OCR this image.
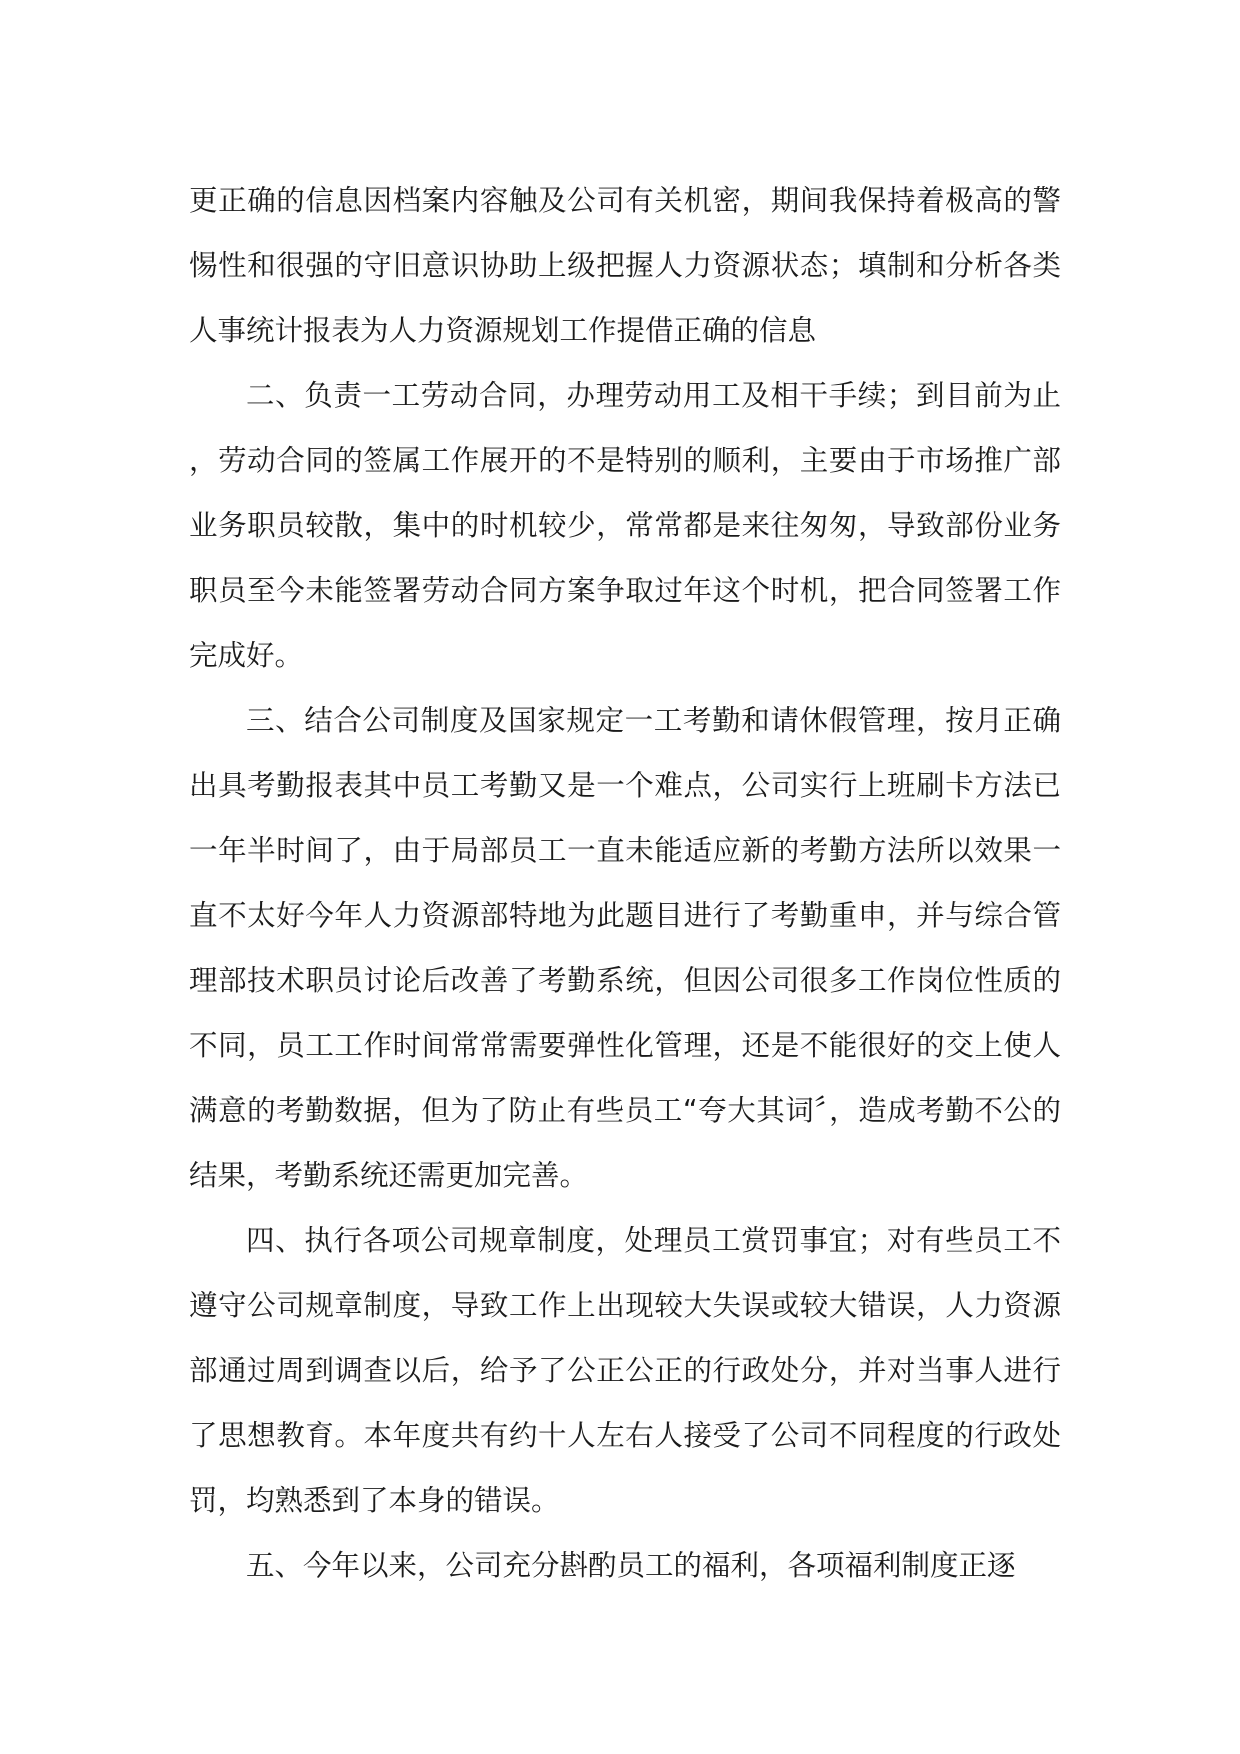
更正确的信息因档案内容触及公司有关机密，期间我保持着极高的警惕性和很强的守旧意识协助上级把握人力资源状态；填制和分析各类人事统计报表为人力资源规划工作提借正确的信息

二、负责一工劳动合同，办理劳动用工及相干手续；到目前为止，劳动合同的签属工作展开的不是特别的顺利，主要由于市场推广部业务职员较散，集中的时机较少，常常都是来往匆匆，导致部份业务职员至今未能签署劳动合同方案争取过年这个时机，把合同签署工作完成好。

三、结合公司制度及国家规定一工考勤和请休假管理，按月正确出具考勤报表其中员工考勤又是一个难点，公司实行上班刷卡方法已一年半时间了，由于局部员工一直未能适应新的考勤方法所以效果一直不太好今年人力资源部特地为此题目进行了考勤重申，并与综合管理部技术职员讨论后改善了考勤系统，但因公司很多工作岗位性质的不同，员工工作时间常常需要弹性化管理，还是不能很好的交上使人满意的考勤数据，但为了防止有些员工“夸大其词〞，造成考勤不公的结果，考勤系统还需更加完善。

四、执行各项公司规章制度，处理员工赏罚事宜；对有些员工不遵守公司规章制度，导致工作上出现较大失误或较大错误，人力资源部通过周到调查以后，给予了公正公正的行政处分，并对当事人进行了思想教育。本年度共有约十人左右人接受了公司不同程度的行政处罚，均熟悉到了本身的错误。

五、今年以来，公司充分斟酌员工的福利，各项福利制度正逐
